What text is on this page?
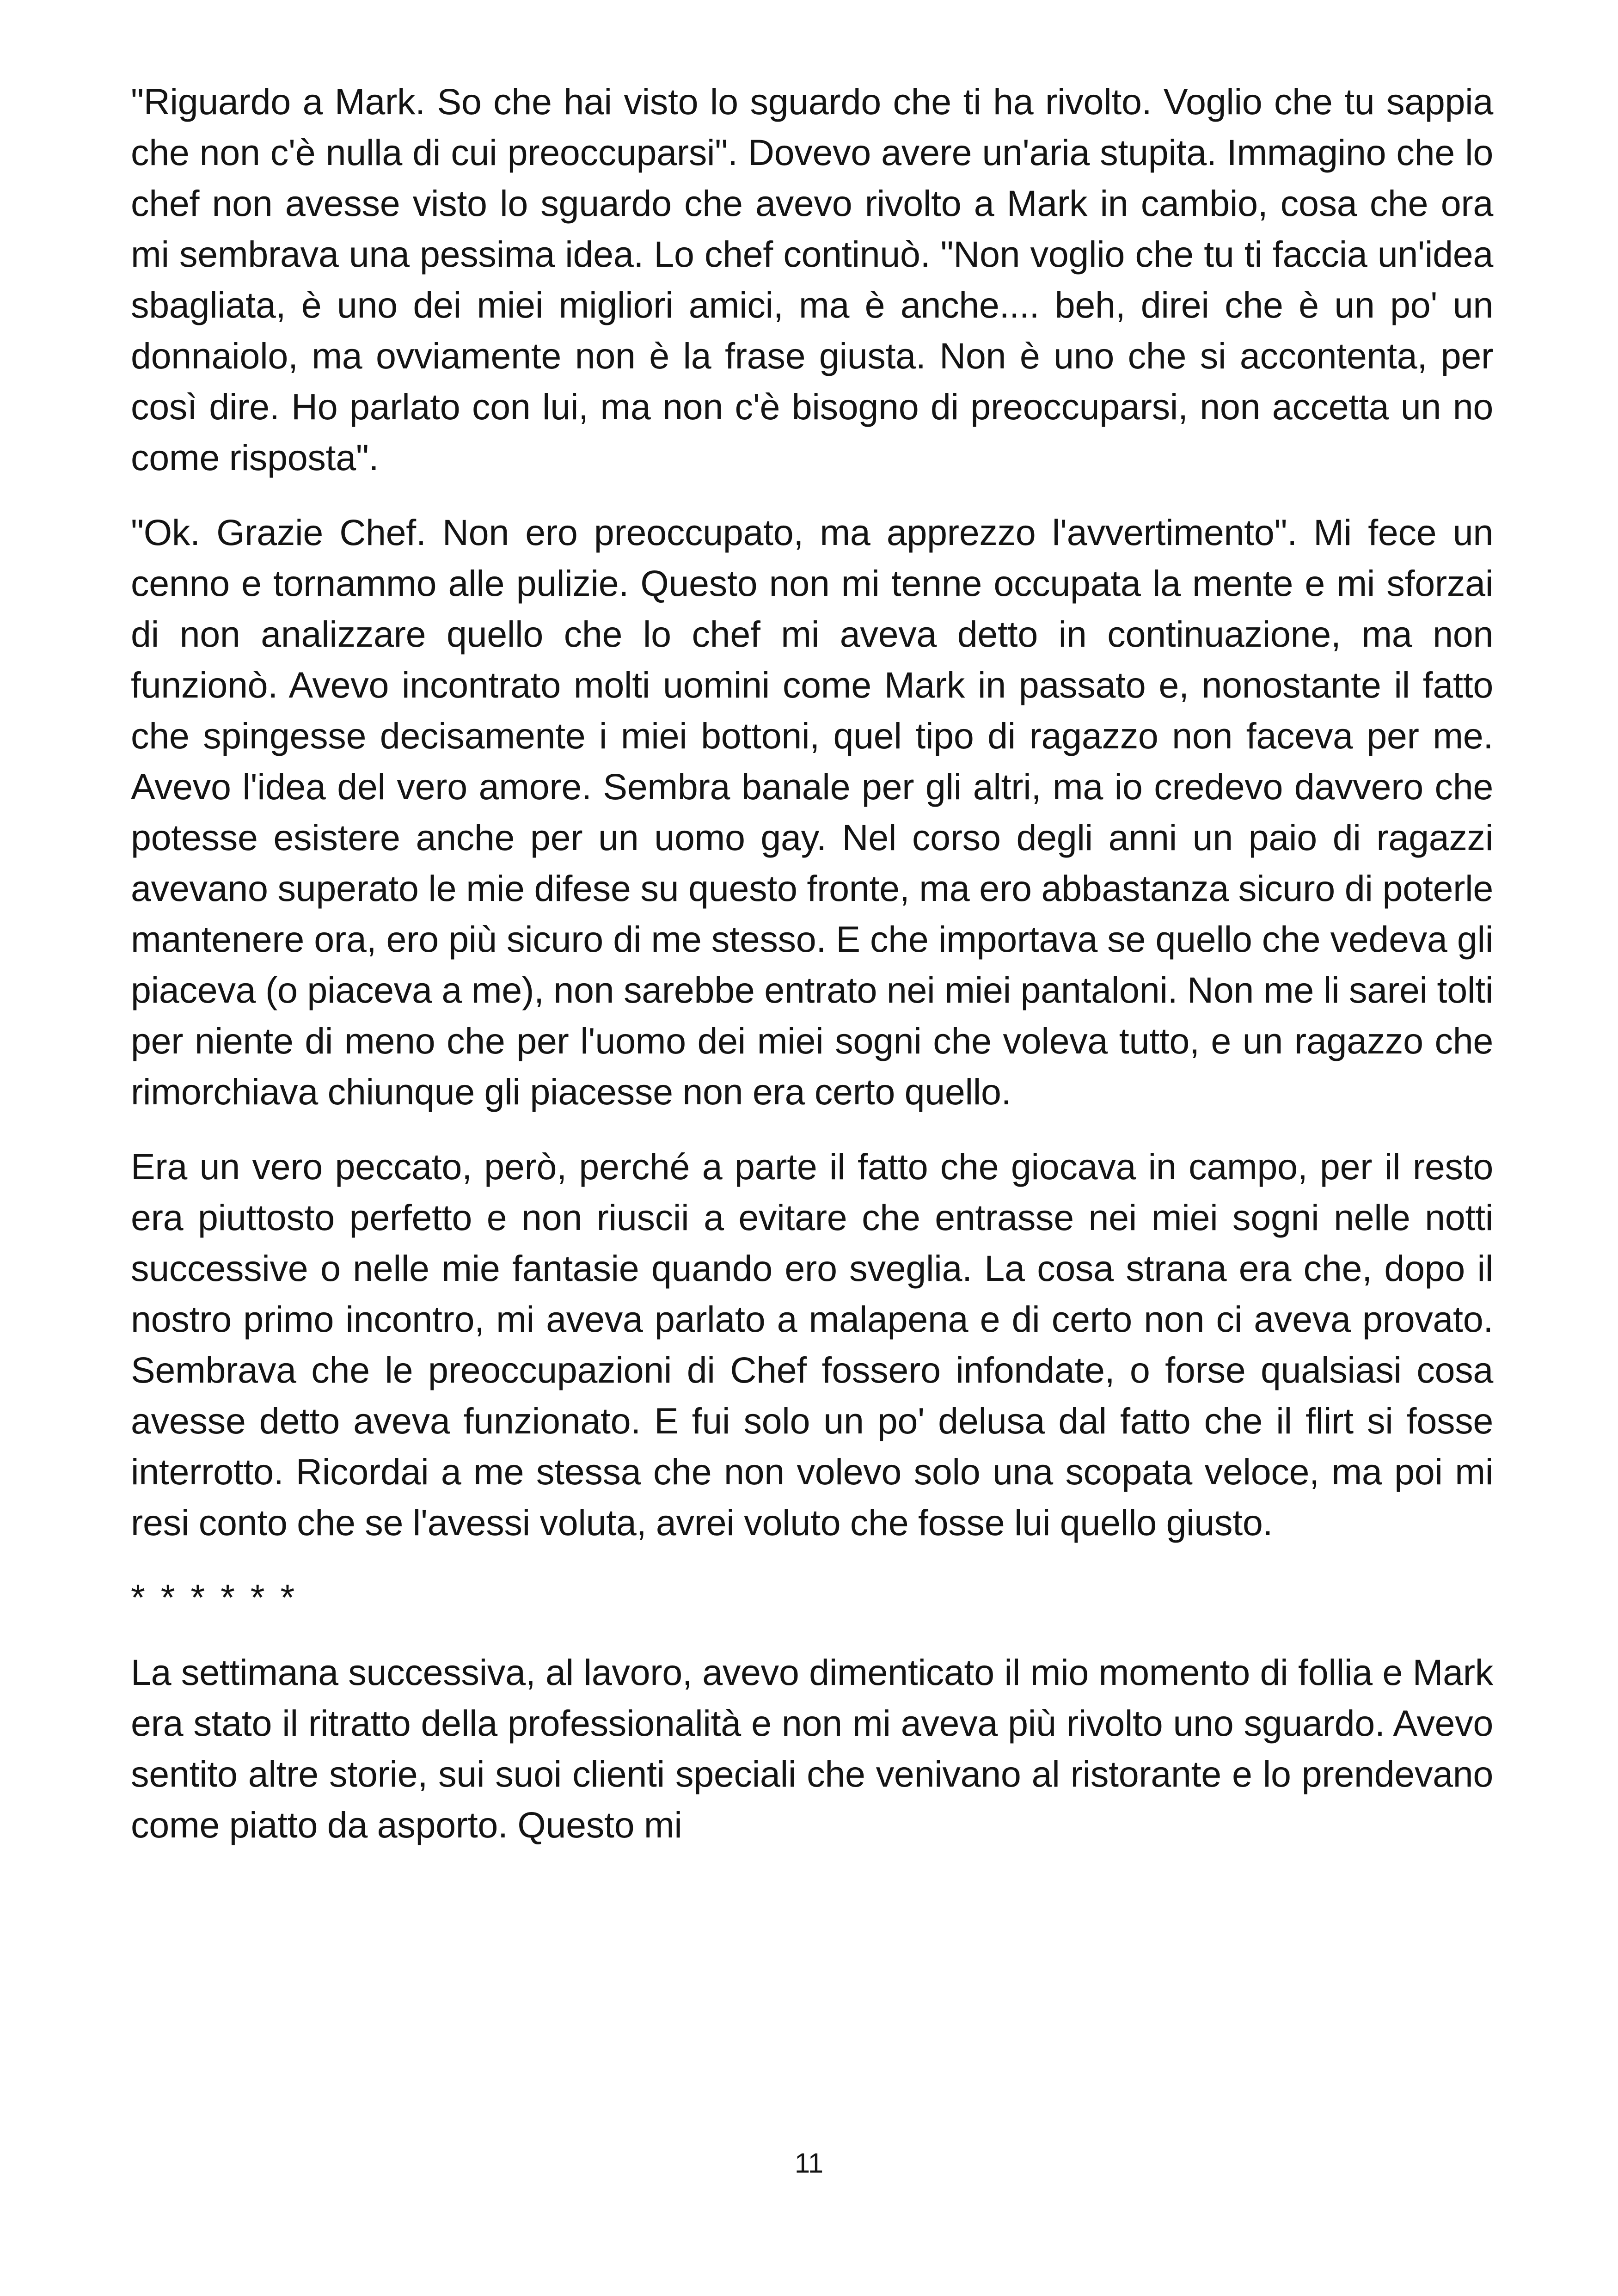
"Riguardo a Mark. So che hai visto lo sguardo che ti ha rivolto. Voglio che tu sappia che non c'è nulla di cui preoccuparsi". Dovevo avere un'aria stupita. Immagino che lo chef non avesse visto lo sguardo che avevo rivolto a Mark in cambio, cosa che ora mi sembrava una pessima idea. Lo chef continuò. "Non voglio che tu ti faccia un'idea sbagliata, è uno dei miei migliori amici, ma è anche.... beh, direi che è un po' un donnaiolo, ma ovviamente non è la frase giusta. Non è uno che si accontenta, per così dire. Ho parlato con lui, ma non c'è bisogno di preoccuparsi, non accetta un no come risposta".

"Ok. Grazie Chef. Non ero preoccupato, ma apprezzo l'avvertimento". Mi fece un cenno e tornammo alle pulizie. Questo non mi tenne occupata la mente e mi sforzai di non analizzare quello che lo chef mi aveva detto in continuazione, ma non funzionò. Avevo incontrato molti uomini come Mark in passato e, nonostante il fatto che spingesse decisamente i miei bottoni, quel tipo di ragazzo non faceva per me. Avevo l'idea del vero amore. Sembra banale per gli altri, ma io credevo davvero che potesse esistere anche per un uomo gay. Nel corso degli anni un paio di ragazzi avevano superato le mie difese su questo fronte, ma ero abbastanza sicuro di poterle mantenere ora, ero più sicuro di me stesso. E che importava se quello che vedeva gli piaceva (o piaceva a me), non sarebbe entrato nei miei pantaloni. Non me li sarei tolti per niente di meno che per l'uomo dei miei sogni che voleva tutto, e un ragazzo che rimorchiava chiunque gli piacesse non era certo quello.

Era un vero peccato, però, perché a parte il fatto che giocava in campo, per il resto era piuttosto perfetto e non riuscii a evitare che entrasse nei miei sogni nelle notti successive o nelle mie fantasie quando ero sveglia. La cosa strana era che, dopo il nostro primo incontro, mi aveva parlato a malapena e di certo non ci aveva provato. Sembrava che le preoccupazioni di Chef fossero infondate, o forse qualsiasi cosa avesse detto aveva funzionato. E fui solo un po' delusa dal fatto che il flirt si fosse interrotto. Ricordai a me stessa che non volevo solo una scopata veloce, ma poi mi resi conto che se l'avessi voluta, avrei voluto che fosse lui quello giusto.

* * * * * *

La settimana successiva, al lavoro, avevo dimenticato il mio momento di follia e Mark era stato il ritratto della professionalità e non mi aveva più rivolto uno sguardo. Avevo sentito altre storie, sui suoi clienti speciali che venivano al ristorante e lo prendevano come piatto da asporto. Questo mi

11
